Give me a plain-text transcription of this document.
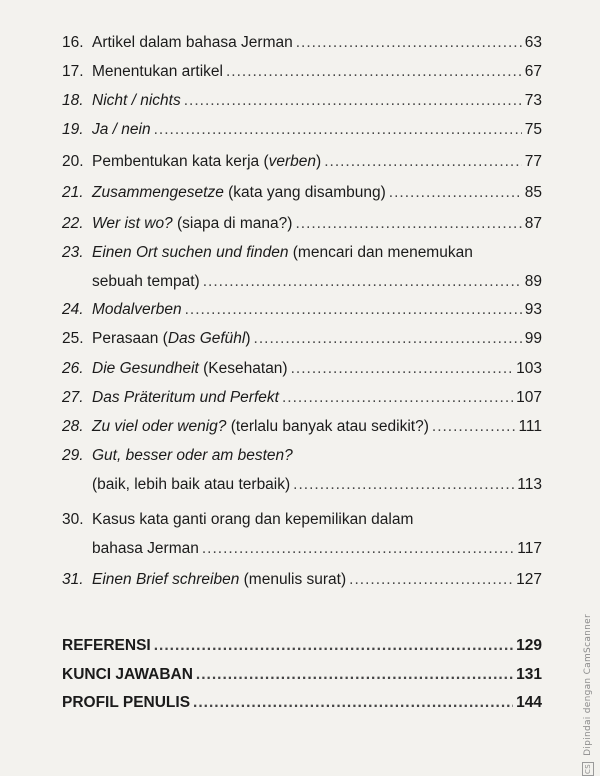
16. Artikel dalam bahasa Jerman .....	63
17. Menentukan artikel .....	67
18. Nicht / nichts .....	73
19. Ja / nein .....	75
20. Pembentukan kata kerja (verben) .....	77
21. Zusammengesetze (kata yang disambung) .....	85
22. Wer ist wo? (siapa di mana?) .....	87
23. Einen Ort suchen und finden (mencari dan menemukan
sebuah tempat) .....	89
24. Modalverben .....	93
25. Perasaan (Das Gefühl) .....	99
26. Die Gesundheit (Kesehatan) .....	103
27. Das Präteritum und Perfekt .....	107
28. Zu viel oder wenig? (terlalu banyak atau sedikit?) .....	111
29. Gut, besser oder am besten?
(baik, lebih baik atau terbaik) .....	113
30. Kasus kata ganti orang dan kepemilikan dalam
bahasa Jerman .....	117
31. Einen Brief schreiben (menulis surat) .....	127
REFERENSI .....	129
KUNCI JAWABAN .....	131
PROFIL PENULIS .....	144
CS Dipindai dengan CamScanner
